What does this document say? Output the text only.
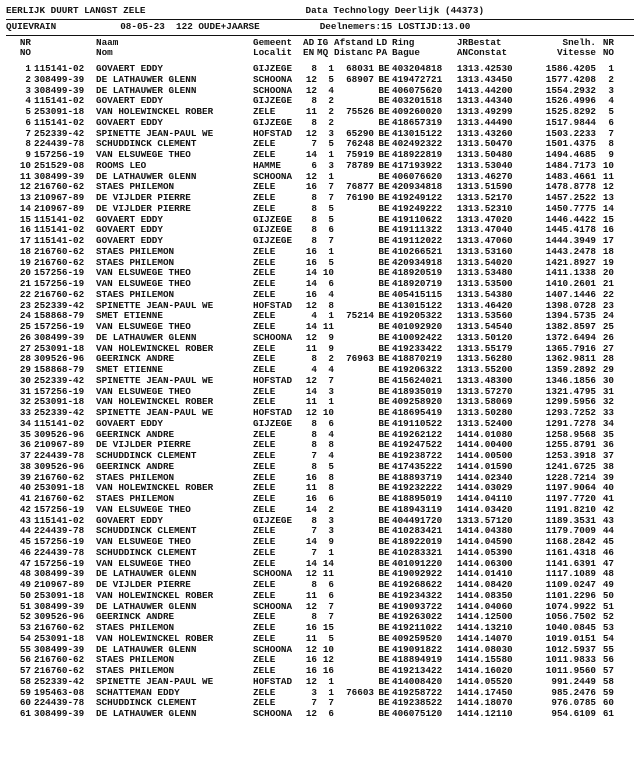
EERLIJK DUURT LANGST ZELE	Data Technology Deerlijk (44373)
QUIEVRAIN	08-05-23 122 OUDE+JAARSE	Deelnemers:15 LOSTIJD:13.00
NR		Naam	Gemeent	AD	IG	Afstand	LD	Ring	JR	Bestat	Snelh.	NR
NO		Nom	Localit	EN	MQ	Distanc	PA	Bague	AN	Constat	Vitesse	NO

1	115141-02	GOVAERT EDDY	GIJZEGE	8	1	68031	BE	403204818	13	13.42530	1586.4205	1
2	308499-39	DE LATHAUWER GLENN	SCHOONA	12	5	68907	BE	419472721	13	13.43450	1577.4208	2
3	308499-39	DE LATHAUWER GLENN	SCHOONA	12	4		BE	406075620	14	13.44200	1554.2932	3
4	115141-02	GOVAERT EDDY	GIJZEGE	8	2		BE	403201518	13	13.44340	1526.4996	4
5	253091-18	VAN HOLEWINCKEL ROBER	ZELE	11	2	75526	BE	409260020	13	13.49299	1525.8292	5
6	115141-02	GOVAERT EDDY	GIJZEGE	8	2		BE	418657319	13	13.44490	1517.9844	6
7	252339-42	SPINETTE JEAN-PAUL WE	HOFSTAD	12	3	65290	BE	413015122	13	13.43260	1503.2233	7
8	224439-78	SCHUDDINCK CLEMENT	ZELE	7	5	76248	BE	402492322	13	13.50470	1501.4375	8
9	157256-19	VAN ELSUWEGE THEO	ZELE	14	1	75919	BE	418922819	13	13.50480	1494.4685	9
10	251529-08	ROOMS LEO	HAMME	6	3	78789	BE	417193922	13	13.53040	1484.7173	10
11	308499-39	DE LATHAUWER GLENN	SCHOONA	12	1		BE	406076620	13	13.46270	1483.4661	11
12	216760-62	STAES PHILEMON	ZELE	16	7	76877	BE	420934818	13	13.51590	1478.8778	12
13	210967-89	DE VIJLDER PIERRE	ZELE	8	7	76190	BE	419249122	13	13.52170	1457.2522	13
14	210967-89	DE VIJLDER PIERRE	ZELE	8	5		BE	419249222	13	13.52310	1450.7775	14
15	115141-02	GOVAERT EDDY	GIJZEGE	8	5		BE	419110622	13	13.47020	1446.4422	15
16	115141-02	GOVAERT EDDY	GIJZEGE	8	6		BE	419111322	13	13.47040	1445.4178	16
17	115141-02	GOVAERT EDDY	GIJZEGE	8	7		BE	419112022	13	13.47060	1444.3949	17
18	216760-62	STAES PHILEMON	ZELE	16	1		BE	410266521	13	13.53160	1443.2478	18
19	216760-62	STAES PHILEMON	ZELE	16	5		BE	420934918	13	13.54020	1421.8927	19
20	157256-19	VAN ELSUWEGE THEO	ZELE	14	10		BE	418920519	13	13.53480	1411.1338	20
21	157256-19	VAN ELSUWEGE THEO	ZELE	14	6		BE	418920719	13	13.53500	1410.2601	21
22	216760-62	STAES PHILEMON	ZELE	16	4		BE	405415115	13	13.54380	1407.1446	22
23	252339-42	SPINETTE JEAN-PAUL WE	HOFSTAD	12	8		BE	413015122	13	13.46420	1398.0728	23
24	158868-79	SMET ETIENNE	ZELE	4	1	75214	BE	419205322	13	13.53560	1394.5735	24
25	157256-19	VAN ELSUWEGE THEO	ZELE	14	11		BE	401092920	13	13.54540	1382.8597	25
26	308499-39	DE LATHAUWER GLENN	SCHOONA	12	9		BE	410092422	13	13.50120	1372.6494	26
27	253091-18	VAN HOLEWINCKEL ROBER	ZELE	11	9		BE	419233422	13	13.55179	1365.7916	27
28	309526-96	GEERINCK ANDRE	ZELE	8	2	76963	BE	418870219	13	13.56280	1362.9811	28
29	158868-79	SMET ETIENNE	ZELE	4	4		BE	419206322	13	13.55200	1359.2892	29
30	252339-42	SPINETTE JEAN-PAUL WE	HOFSTAD	12	7		BE	415624021	13	13.48300	1346.1856	30
31	157256-19	VAN ELSUWEGE THEO	ZELE	14	3		BE	418935019	13	13.57270	1321.4795	31
32	253091-18	VAN HOLEWINCKEL ROBER	ZELE	11	1		BE	409258920	13	13.58069	1299.5956	32
33	252339-42	SPINETTE JEAN-PAUL WE	HOFSTAD	12	10		BE	418695419	13	13.50280	1293.7252	33
34	115141-02	GOVAERT EDDY	GIJZEGE	8	6		BE	419110522	13	13.52400	1291.7278	34
35	309526-96	GEERINCK ANDRE	ZELE	8	4		BE	419262122	14	14.01080	1258.9568	35
36	210967-89	DE VIJLDER PIERRE	ZELE	8	8		BE	419247522	14	14.00400	1255.8791	36
37	224439-78	SCHUDDINCK CLEMENT	ZELE	7	4		BE	419238722	14	14.00500	1253.3918	37
38	309526-96	GEERINCK ANDRE	ZELE	8	5		BE	417435222	14	14.01590	1241.6725	38
39	216760-62	STAES PHILEMON	ZELE	16	8		BE	418893719	14	14.02340	1228.7214	39
40	253091-18	VAN HOLEWINCKEL ROBER	ZELE	11	8		BE	419232222	14	14.03029	1197.9064	40
41	216760-62	STAES PHILEMON	ZELE	16	6		BE	418895019	14	14.04110	1197.7720	41
42	157256-19	VAN ELSUWEGE THEO	ZELE	14	2		BE	418943119	14	14.03420	1191.8210	42
43	115141-02	GOVAERT EDDY	GIJZEGE	8	3		BE	404491720	13	13.57120	1189.3531	43
44	224439-78	SCHUDDINCK CLEMENT	ZELE	7	3		BE	410283421	14	14.04380	1179.7009	44
45	157256-19	VAN ELSUWEGE THEO	ZELE	14	9		BE	418922019	14	14.04590	1168.2842	45
46	224439-78	SCHUDDINCK CLEMENT	ZELE	7	1		BE	410283321	14	14.05390	1161.4318	46
47	157256-19	VAN ELSUWEGE THEO	ZELE	14	14		BE	401091220	14	14.06300	1141.6391	47
48	308499-39	DE LATHAUWER GLENN	SCHOONA	12	11		BE	419092922	14	14.01410	1117.1089	48
49	210967-89	DE VIJLDER PIERRE	ZELE	8	6		BE	419268622	14	14.08420	1109.0247	49
50	253091-18	VAN HOLEWINCKEL ROBER	ZELE	11	6		BE	419234322	14	14.08350	1101.2296	50
51	308499-39	DE LATHAUWER GLENN	SCHOONA	12	7		BE	419093722	14	14.04060	1074.9922	51
52	309526-96	GEERINCK ANDRE	ZELE	8	7		BE	419263022	14	14.12500	1056.7502	52
53	216760-62	STAES PHILEMON	ZELE	16	15		BE	419211022	14	14.13210	1040.0845	53
54	253091-18	VAN HOLEWINCKEL ROBER	ZELE	11	5		BE	409259520	14	14.14070	1019.0151	54
55	308499-39	DE LATHAUWER GLENN	SCHOONA	12	10		BE	419091822	14	14.08030	1012.5937	55
56	216760-62	STAES PHILEMON	ZELE	16	12		BE	418894919	14	14.15580	1011.9833	56
57	216760-62	STAES PHILEMON	ZELE	16	16		BE	419213422	14	14.16020	1011.9560	57
58	252339-42	SPINETTE JEAN-PAUL WE	HOFSTAD	12	1		BE	414008420	14	14.05520	991.2449	58
59	195463-08	SCHATTEMAN EDDY	ZELE	3	1	76603	BE	419258722	14	14.17450	985.2476	59
60	224439-78	SCHUDDINCK CLEMENT	ZELE	7	7		BE	419238522	14	14.18070	976.0785	60
61	308499-39	DE LATHAUWER GLENN	SCHOONA	12	6		BE	406075120	14	14.12110	954.6109	61
